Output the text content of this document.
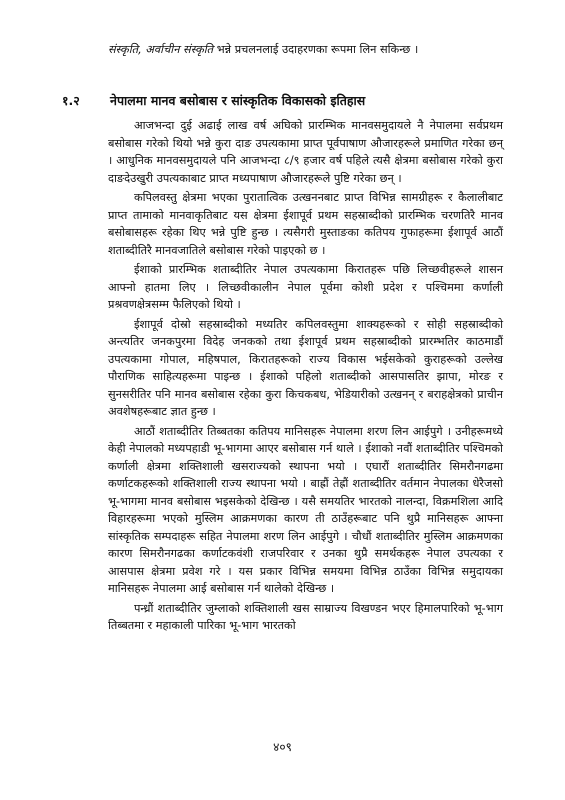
संस्कृति, अर्वाचीन संस्कृति भन्ने प्रचलनलाई उदाहरणका रूपमा लिन सकिन्छ ।
१.२ नेपालमा मानव बसोबास र सांस्कृतिक विकासको इतिहास

आजभन्दा दुई अढाई लाख वर्ष अघिको प्रारम्भिक मानवसमुदायले नै नेपालमा सर्वप्रथम बसोबास गरेको थियो भन्ने कुरा दाङ उपत्यकामा प्राप्त पूर्वपाषाण औजारहरूले प्रमाणित गरेका छन् । आधुनिक मानवसमुदायले पनि आजभन्दा ८/९ हजार वर्ष पहिले त्यसै क्षेत्रमा बसोबास गरेको कुरा दाङदेउखुरी उपत्यकाबाट प्राप्त मध्यपाषाण औजारहरूले पुष्टि गरेका छन् ।

कपिलवस्तु क्षेत्रमा भएका पुरातात्विक उत्खननबाट प्राप्त विभिन्न सामग्रीहरू र कैलालीबाट प्राप्त तामाको मानवाकृतिबाट यस क्षेत्रमा ईशापूर्व प्रथम सहस्राब्दीको प्रारम्भिक चरणतिरै मानव बसोबासहरू रहेका थिए भन्ने पुष्टि हुन्छ । त्यसैगरी मुस्ताङका कतिपय गुफाहरूमा ईशापूर्व आठौं शताब्दीतिरै मानवजातिले बसोबास गरेको पाइएको छ ।

ईशाको प्रारम्भिक शताब्दीतिर नेपाल उपत्यकामा किरातहरू पछि लिच्छवीहरूले शासन आफ्नो हातमा लिए । लिच्छवीकालीन नेपाल पूर्वमा कोशी प्रदेश र पश्चिममा कर्णाली प्रश्रवणक्षेत्रसम्म फैलिएको थियो ।

ईशापूर्व दोस्रो सहस्राब्दीको मध्यतिर कपिलवस्तुमा शाक्यहरूको र सोही सहस्राब्दीको अन्त्यतिर जनकपुरमा विदेह जनकको तथा ईशापूर्व प्रथम सहस्राब्दीको प्रारम्भतिर काठमाडौं उपत्यकामा गोपाल, महिषपाल, किरातहरूको राज्य विकास भईसकेको कुराहरूको उल्लेख पौराणिक साहित्यहरूमा पाइन्छ । ईशाको पहिलो शताब्दीको आसपासतिर झापा, मोरङ र सुनसरीतिर पनि मानव बसोबास रहेका कुरा किचकबध, भेडियारीको उत्खनन् र बराहक्षेत्रको प्राचीन अवशेषहरूबाट ज्ञात हुन्छ ।

आठौं शताब्दीतिर तिब्बतका कतिपय मानिसहरू नेपालमा शरण लिन आईपुगे । उनीहरूमध्ये केही नेपालको मध्यपहाडी भू-भागमा आएर बसोबास गर्न थाले । ईशाको नवौं शताब्दीतिर पश्चिमको कर्णाली क्षेत्रमा शक्तिशाली खसराज्यको स्थापना भयो । एघारौं शताब्दीतिर सिमरौनगढमा कर्णाटकहरूको शक्तिशाली राज्य स्थापना भयो । बाह्रौं तेह्रौं शताब्दीतिर वर्तमान नेपालका धेरैजसो भू-भागमा मानव बसोबास भइसकेको देखिन्छ । यसै समयतिर भारतको नालन्दा, विक्रमशिला आदि विहारहरूमा भएको मुस्लिम आक्रमणका कारण ती ठाउँहरूबाट पनि थुप्रै मानिसहरू आफ्ना सांस्कृतिक सम्पदाहरू सहित नेपालमा शरण लिन आईपुगे । चौधौं शताब्दीतिर मुस्लिम आक्रमणका कारण सिमरौनगढका कर्णाटकवंशी राजपरिवार र उनका थुप्रै समर्थकहरू नेपाल उपत्यका र आसपास क्षेत्रमा प्रवेश गरे । यस प्रकार विभिन्न समयमा विभिन्न ठाउँका विभिन्न समुदायका मानिसहरू नेपालमा आई बसोबास गर्न थालेको देखिन्छ ।

पन्ध्रौं शताब्दीतिर जुम्लाको शक्तिशाली खस साम्राज्य विखण्डन भएर हिमालपारिको भू-भाग तिब्बतमा र महाकाली पारिका भू-भाग भारतको

४०९
